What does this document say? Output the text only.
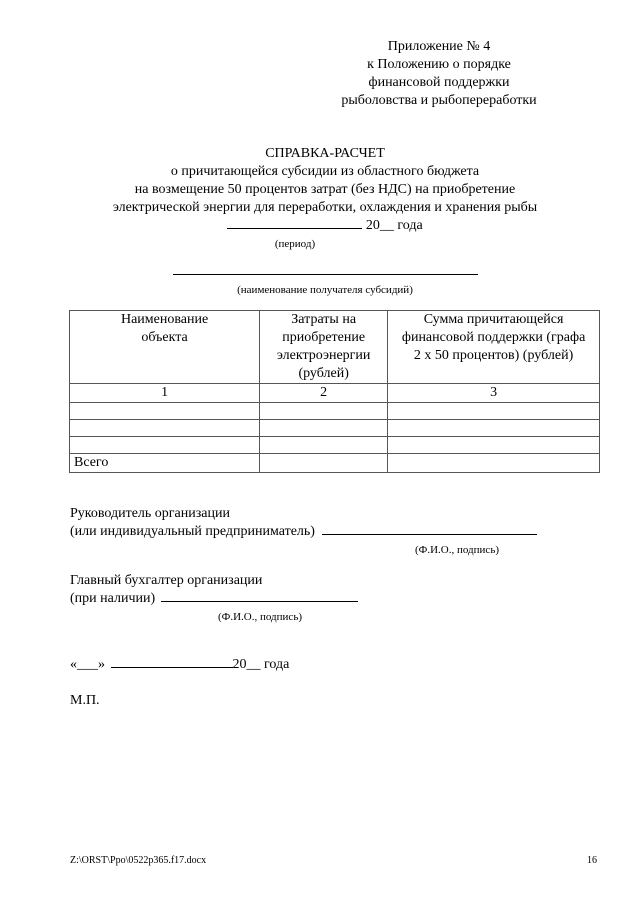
Приложение № 4
к Положению о порядке
финансовой поддержки
рыболовства и рыбопереработки
СПРАВКА-РАСЧЕТ
о причитающейся субсидии из областного бюджета
на возмещение 50 процентов затрат (без НДС) на приобретение
электрической энергии для переработки, охлаждения и хранения рыбы
20__ года
(период)
(наименование получателя субсидий)
Наименование объекта	Затраты на приобретение электроэнергии (рублей)	Сумма причитающейся финансовой поддержки (графа 2 х 50 процентов) (рублей)

1	2	3

Всего		
Руководитель организации
(или индивидуальный предприниматель)
(Ф.И.О., подпись)
Главный бухгалтер организации
(при наличии)
(Ф.И.О., подпись)
«___»	20__ года
М.П.
Z:\ORST\Ppo\0522p365.f17.docx	16
